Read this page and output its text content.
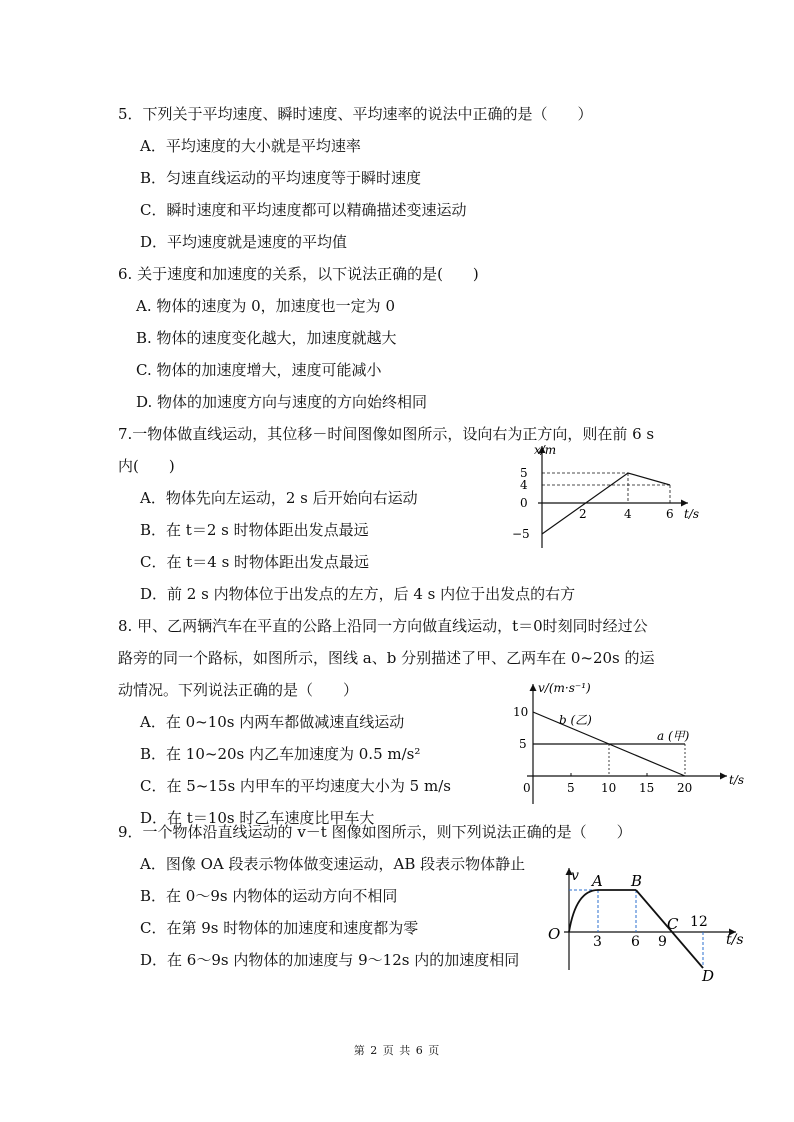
5．下列关于平均速度、瞬时速度、平均速率的说法中正确的是（　　）
A．平均速度的大小就是平均速率
B．匀速直线运动的平均速度等于瞬时速度
C．瞬时速度和平均速度都可以精确描述变速运动
D．平均速度就是速度的平均值
6. 关于速度和加速度的关系，以下说法正确的是(　　)
A. 物体的速度为 0，加速度也一定为 0
B. 物体的速度变化越大，加速度就越大
C. 物体的加速度增大，速度可能减小
D. 物体的加速度方向与速度的方向始终相同
7.一物体做直线运动，其位移－时间图像如图所示，设向右为正方向，则在前 6 s
内(　　)
A．物体先向左运动，2 s 后开始向右运动
B．在 t＝2 s 时物体距出发点最远
C．在 t＝4 s 时物体距出发点最远
D．前 2 s 内物体位于出发点的左方，后 4 s 内位于出发点的右方
x/m
t/s
5
4
0
−5
2	4	6
8. 甲、乙两辆汽车在平直的公路上沿同一方向做直线运动，t＝0时刻同时经过公
路旁的同一个路标，如图所示，图线 a、b 分别描述了甲、乙两车在 0~20s 的运
动情况。下列说法正确的是（　　）
A．在 0~10s 内两车都做减速直线运动
B．在 10~20s 内乙车加速度为 0.5 m/s²
C．在 5~15s 内甲车的平均速度大小为 5 m/s
D．在 t＝10s 时乙车速度比甲车大
v/(m·s⁻¹)
t/s
10
5
0	5 10 15 20
b (乙)
a (甲)
9．一个物体沿直线运动的 v－t 图像如图所示，则下列说法正确的是（　　）
A．图像 OA 段表示物体做变速运动，AB 段表示物体静止
B．在 0～9s 内物体的运动方向不相同
C．在第 9s 时物体的加速度和速度都为零
D．在 6～9s 内物体的加速度与 9～12s 内的加速度相同
v
t/s
O
A B
C
D
3 6 9
12
第 2 页 共 6 页
